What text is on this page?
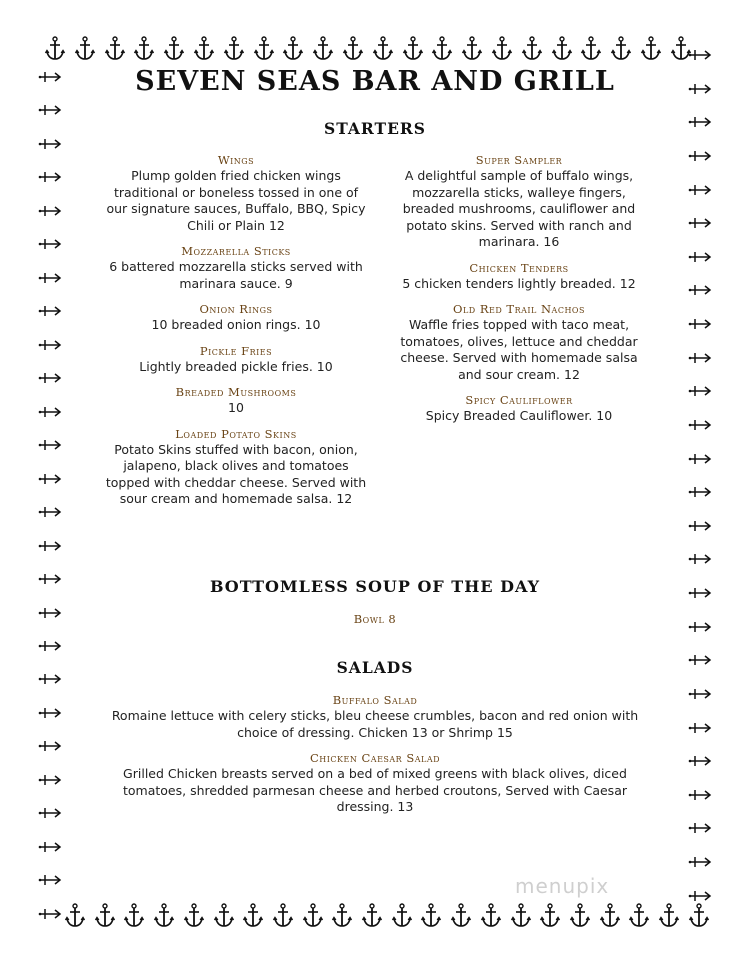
SEVEN SEAS BAR AND GRILL
STARTERS
Wings
Plump golden fried chicken wings traditional or boneless tossed in one of our signature sauces, Buffalo, BBQ, Spicy Chili or Plain 12
Mozzarella Sticks
6 battered mozzarella sticks served with marinara sauce. 9
Onion Rings
10 breaded onion rings. 10
Pickle Fries
Lightly breaded pickle fries. 10
Breaded Mushrooms
10
Loaded Potato Skins
Potato Skins stuffed with bacon, onion, jalapeno, black olives and tomatoes topped with cheddar cheese. Served with sour cream and homemade salsa. 12
Super Sampler
A delightful sample of buffalo wings, mozzarella sticks, walleye fingers, breaded mushrooms, cauliflower and potato skins. Served with ranch and marinara. 16
Chicken Tenders
5 chicken tenders lightly breaded. 12
Old Red Trail Nachos
Waffle fries topped with taco meat, tomatoes, olives, lettuce and cheddar cheese. Served with homemade salsa and sour cream. 12
Spicy Cauliflower
Spicy Breaded Cauliflower. 10
BOTTOMLESS SOUP OF THE DAY
Bowl 8
SALADS
Buffalo Salad
Romaine lettuce with celery sticks, bleu cheese crumbles, bacon and red onion with choice of dressing. Chicken 13 or Shrimp 15
Chicken Caesar Salad
Grilled Chicken breasts served on a bed of mixed greens with black olives, diced tomatoes, shredded parmesan cheese and herbed croutons, Served with Caesar dressing. 13
menupix
